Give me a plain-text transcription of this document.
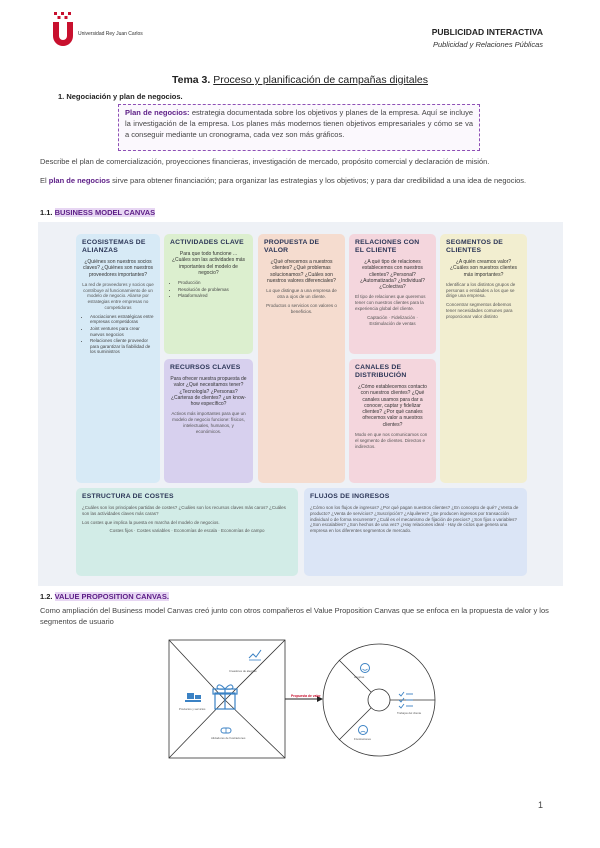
Universidad Rey Juan Carlos	PUBLICIDAD INTERACTIVA
Publicidad y Relaciones Públicas
Tema 3. Proceso y planificación de campañas digitales
1. Negociación y plan de negocios.
Plan de negocios: estrategia documentada sobre los objetivos y planes de la empresa. Aquí se incluye la investigación de la empresa. Los planes más modernos tienen objetivos empresariales y cómo se va a conseguir mediante un cronograma, cada vez son más gráficos.
Describe el plan de comercialización, proyecciones financieras, investigación de mercado, propósito comercial y declaración de misión.
El plan de negocios sirve para obtener financiación; para organizar las estrategias y los objetivos; y para dar credibilidad a una idea de negocios.
1.1. BUSINESS MODEL CANVAS
ECOSISTEMAS DE ALIANZAS
¿Quiénes son nuestros socios claves? ¿Quiénes son nuestros proveedores importantes?
La red de proveedores y socios que contribuye al funcionamiento de un modelo de negocio. Aliarse por estrategias entre empresas no competidoras
• Asociaciones estratégicas entre empresas competidoras
• Joint ventures para crear nuevos negocios
• Relaciones cliente proveedor para garantizar la fiabilidad de los suministros
ACTIVIDADES CLAVE
Para que todo funcione ... ¿Cuáles son las actividades más importantes del modelo de negocio?
• Producción
• Resolución de problemas
• Plataforma/red
RECURSOS CLAVES
Para ofrecer nuestra propuesta de valor ¿Qué necesitamos tener? ¿Tecnología? ¿Personas? ¿Carteras de clientes? ¿un know-how específico?
Activos más importantes para que un modelo de negocio funcione: físicos, intelectuales, humanos, y económicos.
PROPUESTA DE VALOR
¿Qué ofrecemos a nuestros clientes? ¿Qué problemas solucionamos? ¿Cuáles son nuestros valores diferenciales?
Lo que distingue a una empresa de otra a ojos de un cliente.
Productos o servicios con valores o beneficios.
RELACIONES CON EL CLIENTE
¿A qué tipo de relaciones establecemos con nuestros clientes? ¿Personal? ¿Automatizada? ¿Individual? ¿Colectiva?
El tipo de relaciones que queremos tener con nuestros clientes para la experiencia global del cliente.
Captación · Fidelización · Estimulación de ventas
CANALES DE DISTRIBUCIÓN
¿Cómo establecemos contacto con nuestros clientes? ¿Qué canales usamos para dar a conocer, captar y fidelizar clientes? ¿Por qué canales ofrecemos valor a nuestros clientes?
Modo en que nos comunicamos con el segmento de clientes. Directos e indirectos.
SEGMENTOS DE CLIENTES
¿A quién creamos valor? ¿Cuáles son nuestros clientes más importantes?
Identificar a los distintos grupos de personas o entidades a los que se dirige una empresa.
Concentrar segmentos debemos tener necesidades comunes para proporcionar valor distinto
ESTRUCTURA DE COSTES
¿Cuáles son los principales partidas de costes? ¿Cuáles son los recursos claves más caros? ¿Cuáles son las actividades claves más caras?
Los costes que implica la puesta en marcha del modelo de negocios.
Costes fijos · Costes variables · Economías de escala · Economías de campo
FLUJOS DE INGRESOS
¿Cómo son los flujos de ingresos? ¿Por qué pagan nuestros clientes? ¿En concepto de qué? ¿Venta de producto? ¿Venta de servicios? ¿Suscripción? ¿Alquileres? ¿Se producen ingresos por transacción individual o de forma recurrente? ¿Cuál es el mecanismo de fijación de precios? ¿Son fijos o variables? ¿Son escalables? ¿Son hechos de una vez? ¿Hay relaciones ideal · Hay de ciclos que genera una empresa en los diferentes segmentos de mercado.
1.2. VALUE PROPOSITION CANVAS.
Como ampliación del Business model Canvas creó junto con otros compañeros el Value Proposition Canvas que se enfoca en la propuesta de valor y los segmentos de usuario
Creadores de alegrías
Productos y servicios
Aliviadores de frustraciones
Propuesta de valor
Alegrías
Trabajos del cliente
Frustraciones
1
